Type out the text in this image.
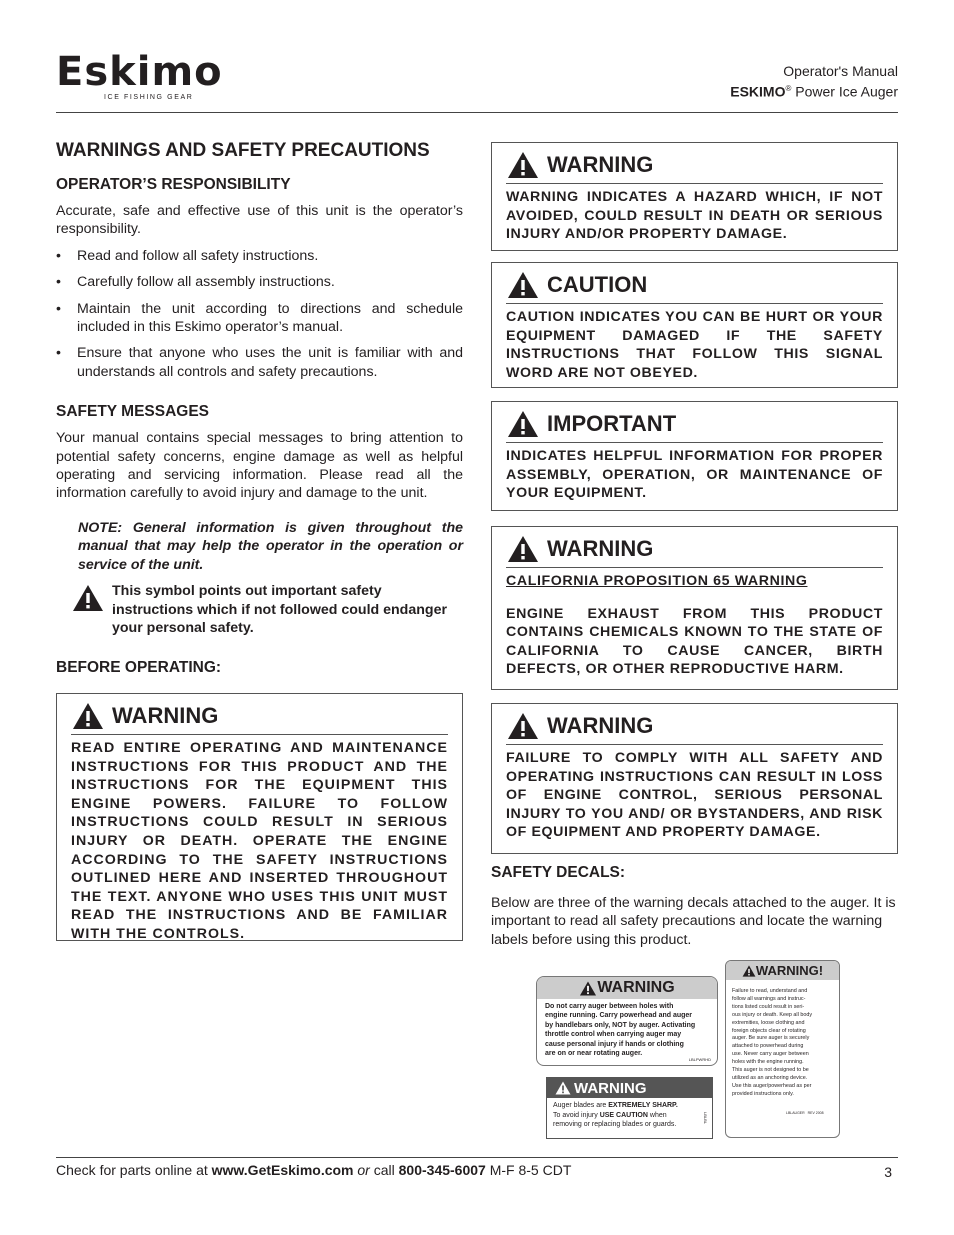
Eskimo
ICE FISHING GEAR
Operator's Manual
ESKIMO® Power Ice Auger
WARNINGS AND SAFETY PRECAUTIONS
OPERATOR’S RESPONSIBILITY

Accurate, safe and effective use of this unit is the operator’s responsibility.

• Read and follow all safety instructions.
• Carefully follow all assembly instructions.
• Maintain the unit according to directions and schedule included in this Eskimo operator’s manual.
• Ensure that anyone who uses the unit is familiar with and understands all controls and safety precautions.
SAFETY MESSAGES

Your manual contains special messages to bring attention to potential safety concerns, engine damage as well as helpful operating and servicing information. Please read all the information carefully to avoid injury and damage to the unit.

NOTE: General information is given throughout the manual that may help the operator in the operation or service of the unit.
This symbol points out important safety instructions which if not followed could endanger your personal safety.
BEFORE OPERATING:
WARNING
READ ENTIRE OPERATING AND MAINTENANCE INSTRUCTIONS FOR THIS PRODUCT AND THE INSTRUCTIONS FOR THE EQUIPMENT THIS ENGINE POWERS. FAILURE TO FOLLOW INSTRUCTIONS COULD RESULT IN SERIOUS INJURY OR DEATH. OPERATE THE ENGINE ACCORDING TO THE SAFETY INSTRUCTIONS OUTLINED HERE AND INSERTED THROUGHOUT THE TEXT. ANYONE WHO USES THIS UNIT MUST READ THE INSTRUCTIONS AND BE FAMILIAR WITH THE CONTROLS.
WARNING
WARNING INDICATES A HAZARD WHICH, IF NOT AVOIDED, COULD RESULT IN DEATH OR SERIOUS INJURY AND/OR PROPERTY DAMAGE.
CAUTION
CAUTION INDICATES YOU CAN BE HURT OR YOUR EQUIPMENT DAMAGED IF THE SAFETY INSTRUCTIONS THAT FOLLOW THIS SIGNAL WORD ARE NOT OBEYED.
IMPORTANT
INDICATES HELPFUL INFORMATION FOR PROPER ASSEMBLY, OPERATION, OR MAINTENANCE OF YOUR EQUIPMENT.
WARNING
CALIFORNIA PROPOSITION 65 WARNING
ENGINE EXHAUST FROM THIS PRODUCT CONTAINS CHEMICALS KNOWN TO THE STATE OF CALIFORNIA TO CAUSE CANCER, BIRTH DEFECTS, OR OTHER REPRODUCTIVE HARM.
WARNING
FAILURE TO COMPLY WITH ALL SAFETY AND OPERATING INSTRUCTIONS CAN RESULT IN LOSS OF ENGINE CONTROL, SERIOUS PERSONAL INJURY TO YOU AND/ OR BYSTANDERS, AND RISK OF EQUIPMENT AND PROPERTY DAMAGE.
SAFETY DECALS:

Below are three of the warning decals attached to the auger. It is important to read all safety precautions and locate the warning labels before using this product.

WARNING
Do not carry auger between holes with
engine running. Carry powerhead and auger
by handlebars only, NOT by auger. Activating
throttle control when carrying auger may
cause personal injury if hands or clothing
are on or near rotating auger.
LBLPWRHD
WARNING
Auger blades are EXTREMELY SHARP.
To avoid injury USE CAUTION when
removing or replacing blades or guards.
LBLBL
WARNING!
Failure to read, understand and
follow all warnings and instruc-
tions listed could result in seri-
ous injury or death. Keep all body
extremities, loose clothing and
foreign objects clear of rotating
auger. Be sure auger is securely
attached to powerhead during
use. Never carry auger between
holes with the engine running.
This auger is not designed to be
utilized as an anchoring device.
Use this auger/powerhead as per
provided instructions only.
LBLAUGER REV 2008
Check for parts online at www.GetEskimo.com or call 800-345-6007 M-F 8-5 CDT	3
